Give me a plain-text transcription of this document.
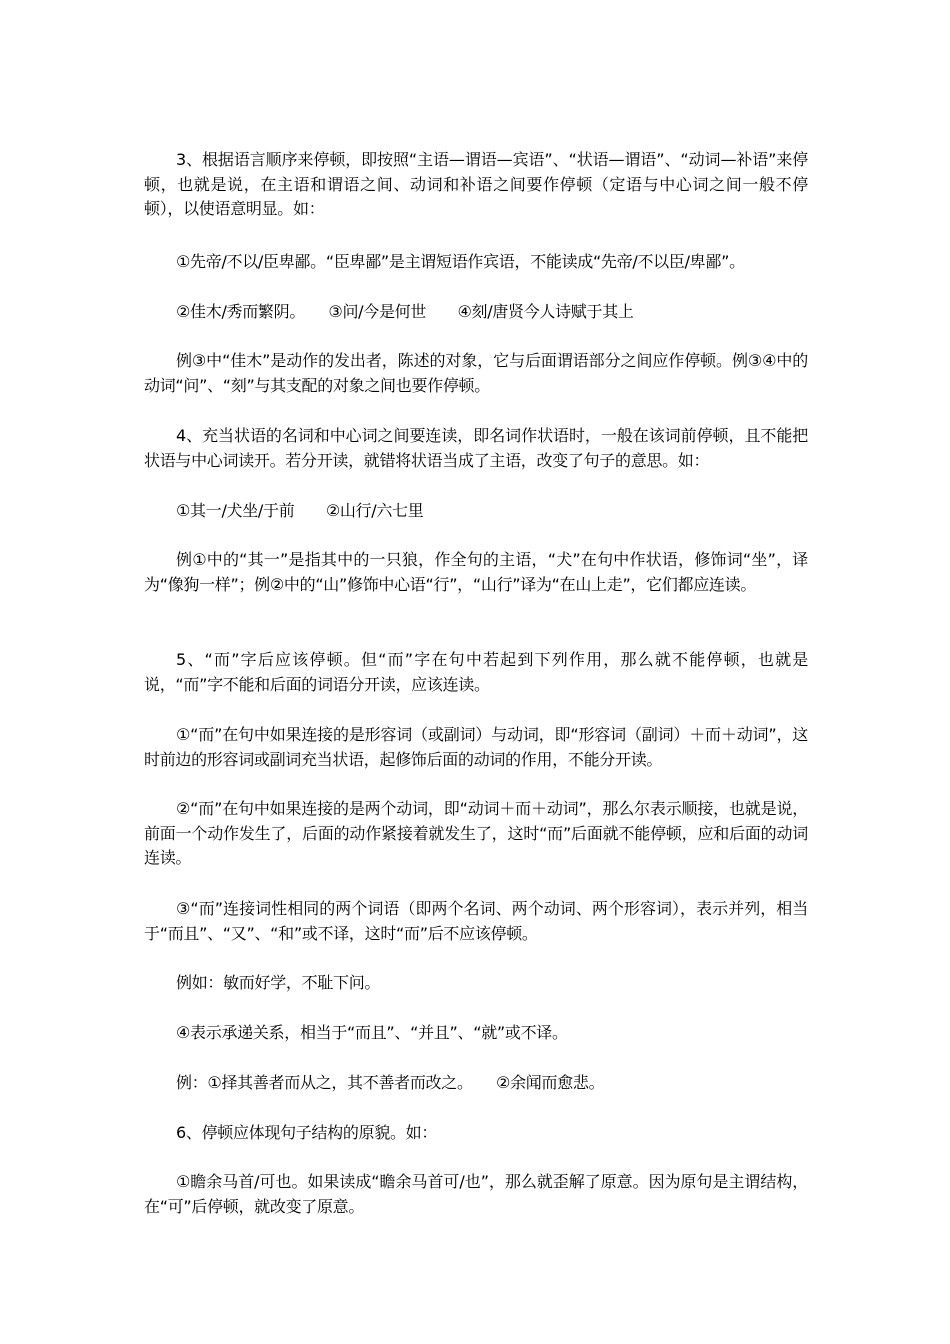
3、根据语言顺序来停顿，即按照“主语—谓语—宾语”、“状语—谓语”、“动词—补语”来停顿，也就是说，在主语和谓语之间、动词和补语之间要作停顿（定语与中心词之间一般不停顿），以使语意明显。如：

①先帝/不以/臣卑鄙。“臣卑鄙”是主谓短语作宾语，不能读成“先帝/不以臣/卑鄙”。

②佳木/秀而繁阴。　　③问/今是何世　　④刻/唐贤今人诗赋于其上

例③中“佳木”是动作的发出者，陈述的对象，它与后面谓语部分之间应作停顿。例③④中的动词“问”、“刻”与其支配的对象之间也要作停顿。

4、充当状语的名词和中心词之间要连读，即名词作状语时，一般在该词前停顿，且不能把状语与中心词读开。若分开读，就错将状语当成了主语，改变了句子的意思。如：

①其一/犬坐/于前　　②山行/六七里

例①中的“其一”是指其中的一只狼，作全句的主语，“犬”在句中作状语，修饰词“坐”，译为“像狗一样”；例②中的“山”修饰中心语“行”，“山行”译为“在山上走”，它们都应连读。

5、“而”字后应该停顿。但“而”字在句中若起到下列作用，那么就不能停顿，也就是说，“而”字不能和后面的词语分开读，应该连读。

①“而”在句中如果连接的是形容词（或副词）与动词，即“形容词（副词）＋而＋动词”，这时前边的形容词或副词充当状语，起修饰后面的动词的作用，不能分开读。

②“而”在句中如果连接的是两个动词，即“动词＋而＋动词”，那么尔表示顺接，也就是说，前面一个动作发生了，后面的动作紧接着就发生了，这时“而”后面就不能停顿，应和后面的动词连读。

③“而”连接词性相同的两个词语（即两个名词、两个动词、两个形容词），表示并列，相当于“而且”、“又”、“和”或不译，这时“而”后不应该停顿。

例如：敏而好学，不耻下问。

④表示承递关系，相当于“而且”、“并且”、“就”或不译。

例：①择其善者而从之，其不善者而改之。　　②余闻而愈悲。

6、停顿应体现句子结构的原貌。如：

①瞻余马首/可也。如果读成“瞻余马首可/也”，那么就歪解了原意。因为原句是主谓结构，在“可”后停顿，就改变了原意。
